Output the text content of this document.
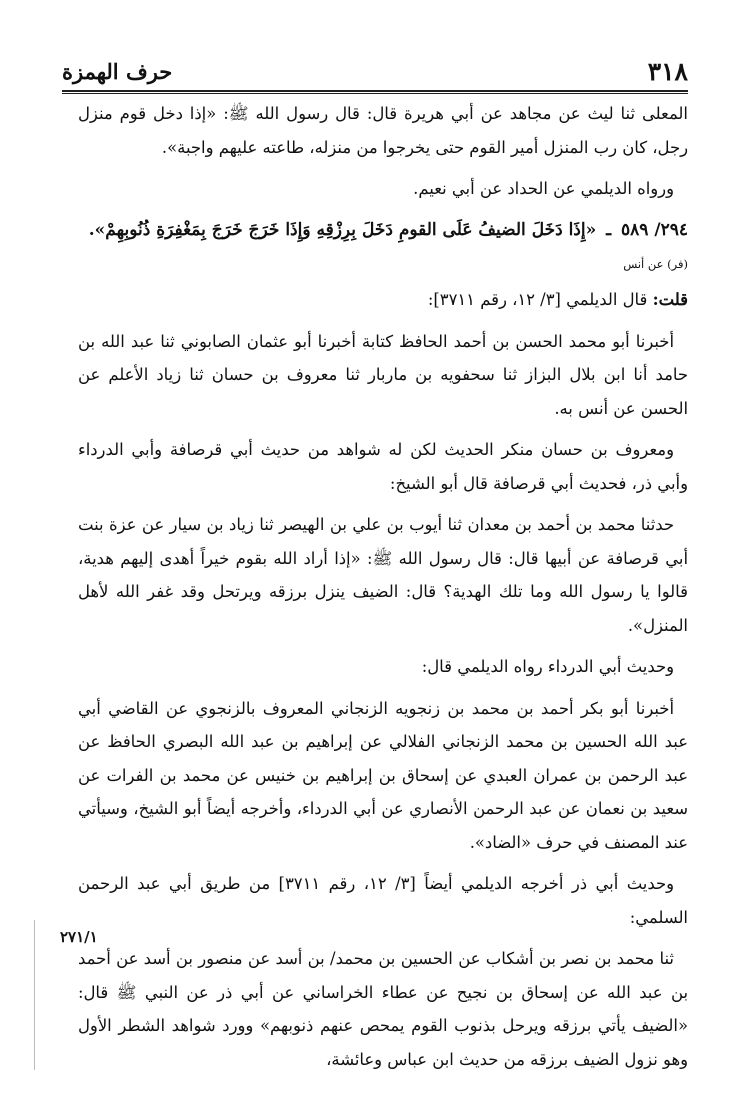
٣١٨
حرف الهمزة

المعلى ثنا ليث عن مجاهد عن أبي هريرة قال: قال رسول الله ﷺ: «إذا دخل قوم منزل رجل، كان رب المنزل أمير القوم حتى يخرجوا من منزله، طاعته عليهم واجبة».

ورواه الديلمي عن الحداد عن أبي نعيم.

٢٩٤/ ٥٨٩ ـ «إِذَا دَخَلَ الضيفُ عَلَى القومِ دَخَلَ بِرِزْقِهِ وَإِذَا خَرَجَ خَرَجَ بِمَغْفِرَةِ ذُنُوبِهِمْ».

(فر) عن أنس

قلت: قال الديلمي [٣/ ١٢، رقم ٣٧١١]:

أخبرنا أبو محمد الحسن بن أحمد الحافظ كتابة أخبرنا أبو عثمان الصابوني ثنا عبد الله بن حامد أنا ابن بلال البزاز ثنا سحفويه بن ماربار ثنا معروف بن حسان ثنا زياد الأعلم عن الحسن عن أنس به.

ومعروف بن حسان منكر الحديث لكن له شواهد من حديث أبي قرصافة وأبي الدرداء وأبي ذر، فحديث أبي قرصافة قال أبو الشيخ:

حدثنا محمد بن أحمد بن معدان ثنا أيوب بن علي بن الهيصر ثنا زياد بن سيار عن عزة بنت أبي قرصافة عن أبيها قال: قال رسول الله ﷺ: «إذا أراد الله بقوم خيراً أهدى إليهم هدية، قالوا يا رسول الله وما تلك الهدية؟ قال: الضيف ينزل برزقه ويرتحل وقد غفر الله لأهل المنزل».

وحديث أبي الدرداء رواه الديلمي قال:

أخبرنا أبو بكر أحمد بن محمد بن زنجويه الزنجاني المعروف بالزنجوي عن القاضي أبي عبد الله الحسين بن محمد الزنجاني الفلالي عن إبراهيم بن عبد الله البصري الحافظ عن عبد الرحمن بن عمران العبدي عن إسحاق بن إبراهيم بن خنيس عن محمد بن الفرات عن سعيد بن نعمان عن عبد الرحمن الأنصاري عن أبي الدرداء، وأخرجه أيضاً أبو الشيخ، وسيأتي عند المصنف في حرف «الضاد».

وحديث أبي ذر أخرجه الديلمي أيضاً [٣/ ١٢، رقم ٣٧١١] من طريق أبي عبد الرحمن السلمي:

ثنا محمد بن نصر بن أشكاب عن الحسين بن محمد/ بن أسد عن منصور بن أسد عن أحمد بن عبد الله عن إسحاق بن نجيح عن عطاء الخراساني عن أبي ذر عن النبي ﷺ قال: «الضيف يأتي برزقه ويرحل بذنوب القوم يمحص عنهم ذنوبهم» وورد شواهد الشطر الأول وهو نزول الضيف برزقه من حديث ابن عباس وعائشة،

٢٧١/١
